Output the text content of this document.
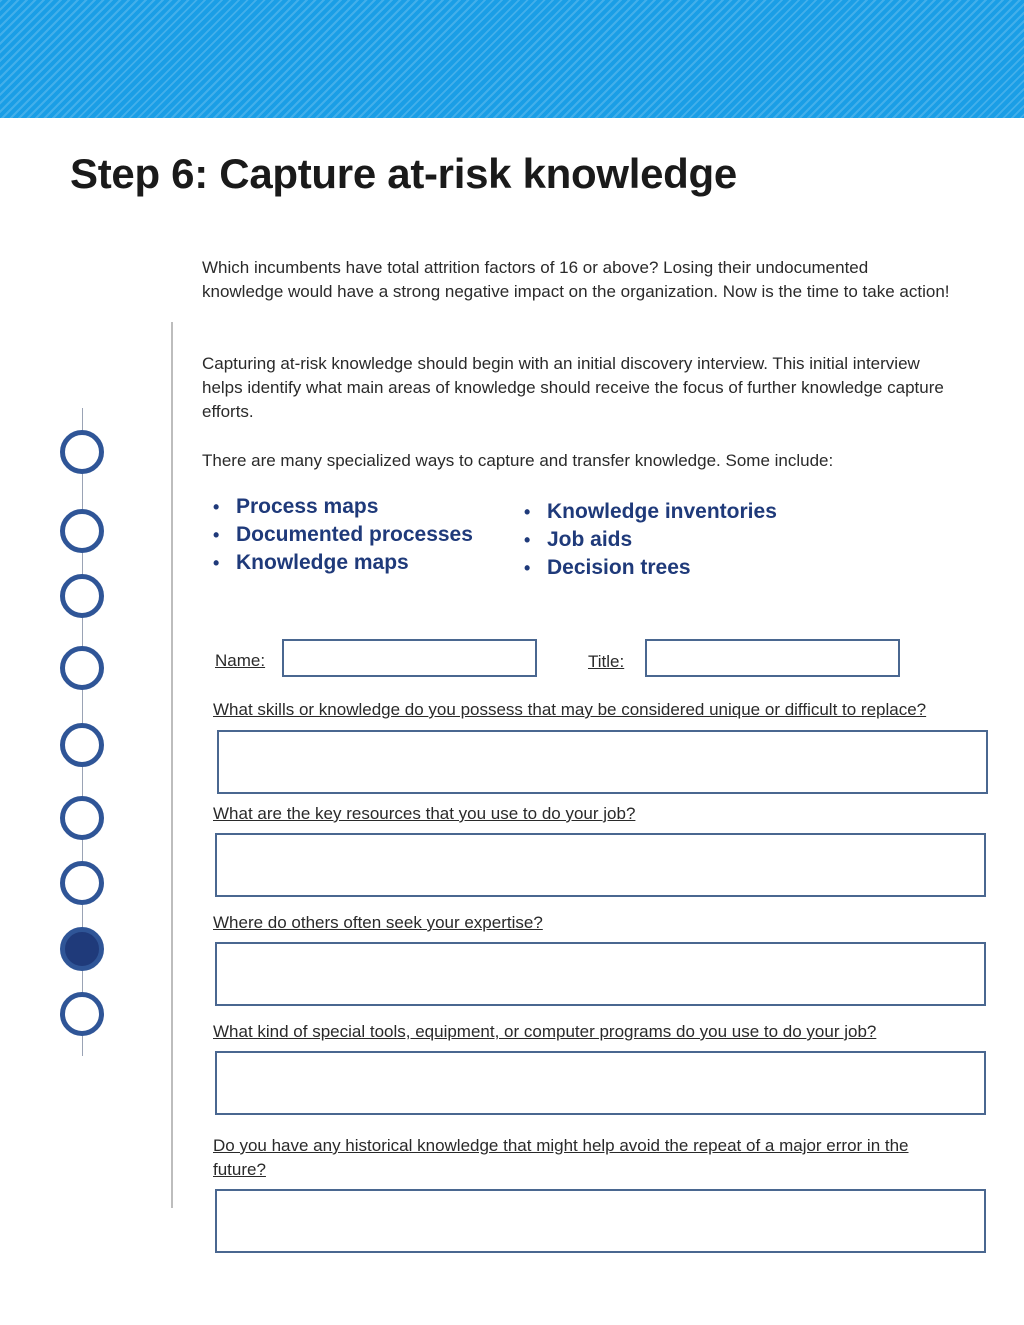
Step 6: Capture at-risk knowledge

Which incumbents have total attrition factors of 16 or above? Losing their undocumented knowledge would have a strong negative impact on the organization. Now is the time to take action!

Capturing at-risk knowledge should begin with an initial discovery interview. This initial interview helps identify what main areas of knowledge should receive the focus of further knowledge capture efforts.

There are many specialized ways to capture and transfer knowledge. Some include:

• Process maps
• Documented processes
• Knowledge maps
• Knowledge inventories
• Job aids
• Decision trees
Name:	Title:

What skills or knowledge do you possess that may be considered unique or difficult to replace?

What are the key resources that you use to do your job?

Where do others often seek your expertise?

What kind of special tools, equipment, or computer programs do you use to do your job?

Do you have any historical knowledge that might help avoid the repeat of a major error in the future?
